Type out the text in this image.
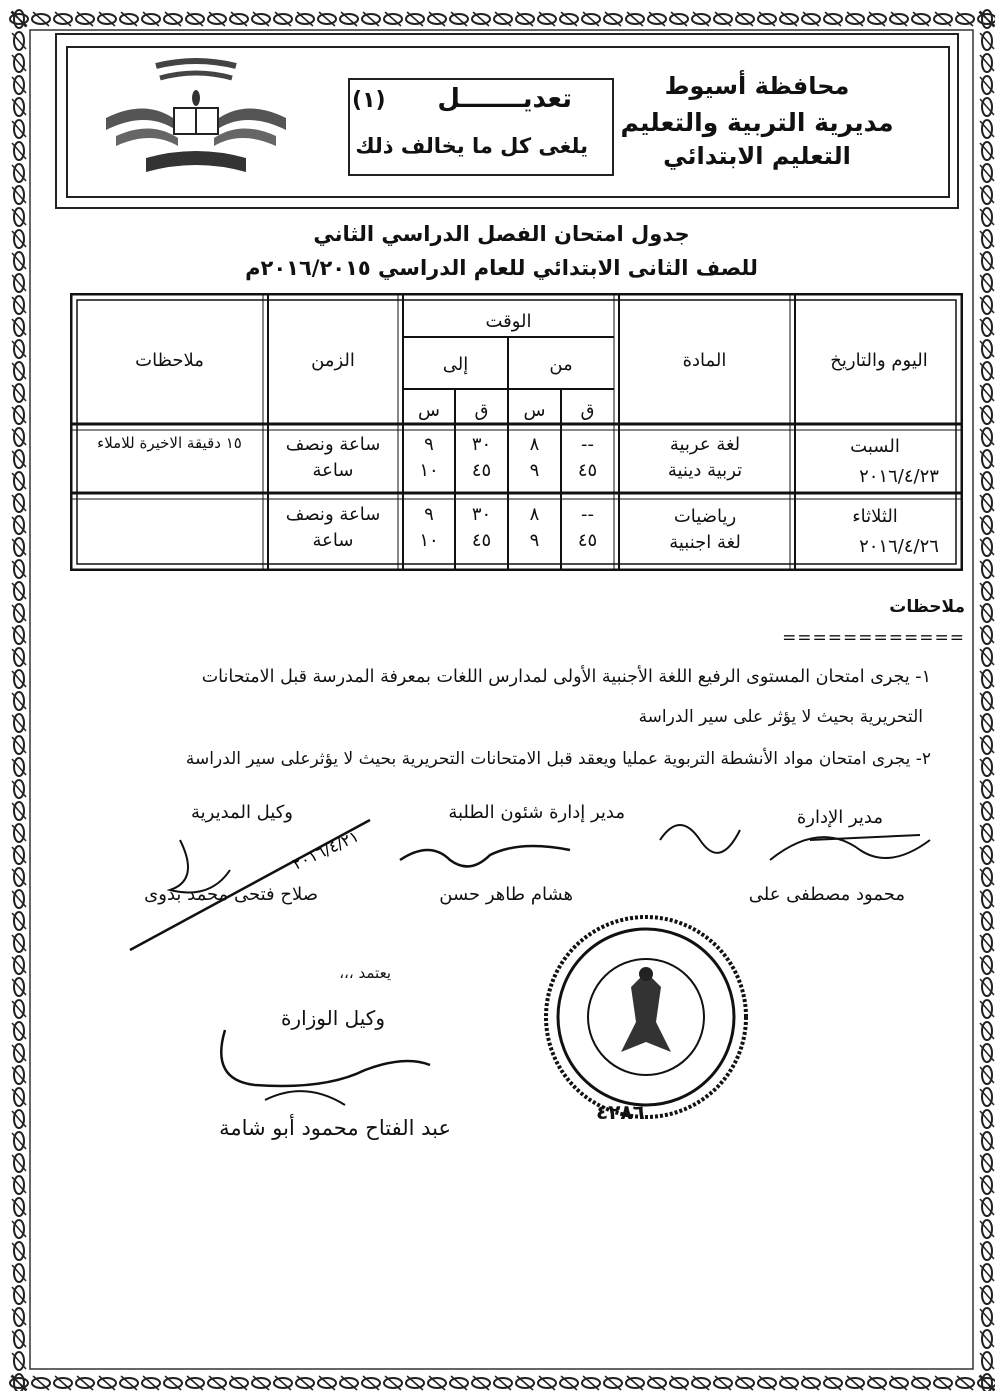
محافظة أسيوط
مديرية التربية والتعليم
التعليم الابتدائي
تعديـــــــل
(١)
يلغى كل ما يخالف ذلك
جدول امتحان الفصل الدراسي الثاني
للصف الثانى الابتدائي للعام الدراسي ٢٠١٦/٢٠١٥م
اليوم والتاريخ
المادة
الوقت
من
إلى
ق
س
ق
س
الزمن
ملاحظات
السبت
٢٠١٦/٤/٢٣
لغة عربية
تربية دينية
--
٤٥
٨
٩
٣٠
٤٥
٩
١٠
ساعة ونصف
ساعة
١٥ دقيقة الاخيرة للاملاء
الثلاثاء
٢٠١٦/٤/٢٦
رياضيات
لغة اجنبية
--
٤٥
٨
٩
٣٠
٤٥
٩
١٠
ساعة ونصف
ساعة
ملاحظات
============
١- يجرى امتحان المستوى الرفيع اللغة الأجنبية الأولى لمدارس اللغات بمعرفة المدرسة قبل الامتحانات
التحريرية بحيث لا يؤثر على سير الدراسة
٢- يجرى امتحان مواد الأنشطة التربوية عمليا ويعقد قبل الامتحانات التحريرية بحيث لا يؤثرعلى سير الدراسة
مدير الإدارة
محمود مصطفى على
مدير إدارة شئون الطلبة
هشام طاهر حسن
وكيل المديرية
صلاح فتحى محمد بدوى
٢٠١٦/٤/٢١
يعتمد ،،،
وكيل الوزارة
عبد الفتاح محمود أبو شامة
٤٢٨٦
